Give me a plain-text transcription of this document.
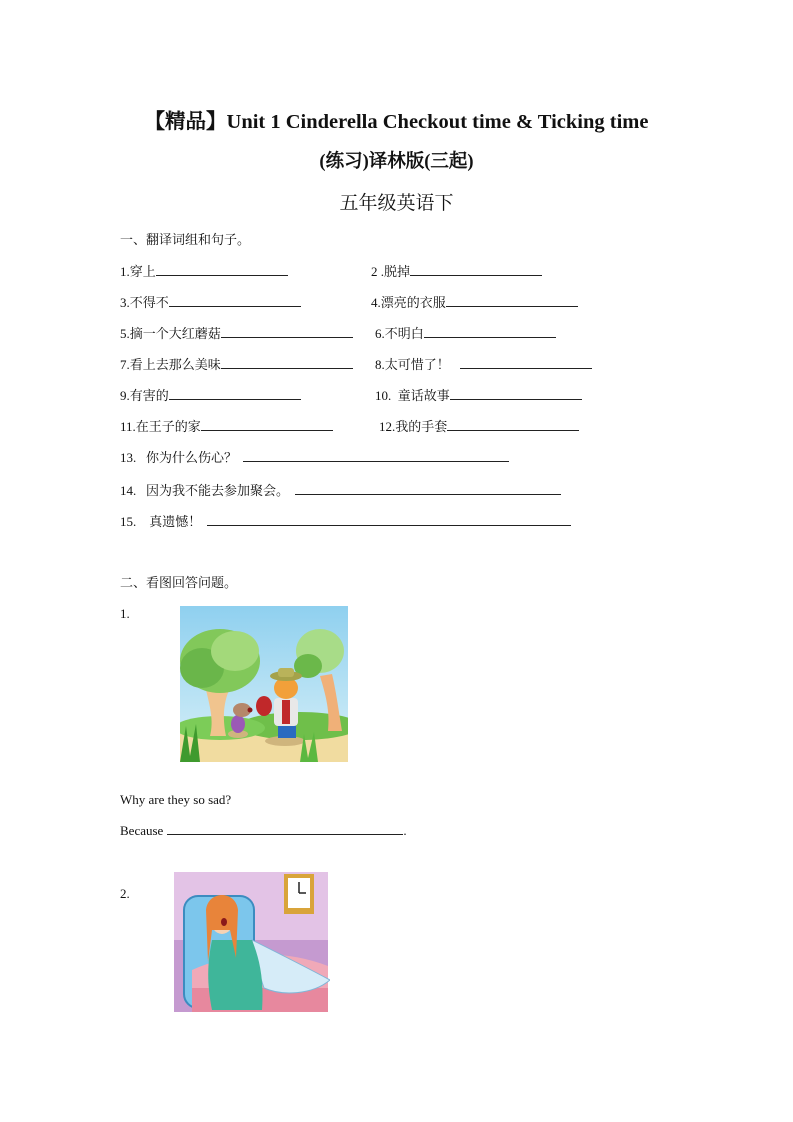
【精品】Unit 1 Cinderella Checkout time & Ticking time
(练习)译林版(三起)
五年级英语下
一、翻译词组和句子。
1.穿上	2 .脱掉
3.不得不	4.漂亮的衣服
5.摘一个大红蘑菇	6.不明白
7.看上去那么美味	8.太可惜了！
9.有害的	10.  童话故事
11.在王子的家	12.我的手套
13.   你为什么伤心？
14.   因为我不能去参加聚会。
15.    真遗憾！
二、看图回答问题。
1.
Why are they so sad?
Because	.
2.
